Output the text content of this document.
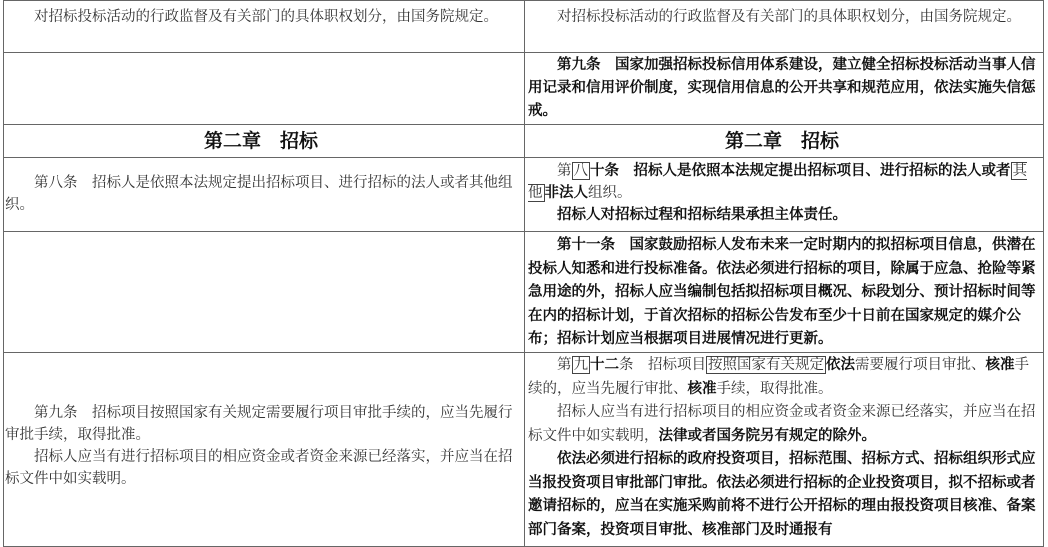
对招标投标活动的行政监督及有关部门的具体职权划分，由国务院规定。	对招标投标活动的行政监督及有关部门的具体职权划分，由国务院规定。

第九条　国家加强招标投标信用体系建设，建立健全招标投标活动当事人信用记录和信用评价制度，实现信用信息的公开共享和规范应用，依法实施失信惩戒。

第二章　招标	第二章　招标

第八条　招标人是依照本法规定提出招标项目、进行招标的法人或者其他组织。

第 八 十条　招标人是依照本法规定提出招标项目、进行招标的法人或者 其他 非法人组织。

招标人对招标过程和招标结果承担主体责任。

第十一条　国家鼓励招标人发布未来一定时期内的拟招标项目信息，供潜在投标人知悉和进行投标准备。依法必须进行招标的项目，除属于应急、抢险等紧急用途的外，招标人应当编制包括拟招标项目概况、标段划分、预计招标时间等在内的招标计划，于首次招标的招标公告发布至少十日前在国家规定的媒介公布；招标计划应当根据项目进展情况进行更新。

第九条　招标项目按照国家有关规定需要履行项目审批手续的，应当先履行审批手续，取得批准。

招标人应当有进行招标项目的相应资金或者资金来源已经落实，并应当在招标文件中如实载明。

第 九 十二条　招标项目 按照国家有关规定 依法需要履行项目审批、核准手续的，应当先履行审批、核准手续，取得批准。

招标人应当有进行招标项目的相应资金或者资金来源已经落实，并应当在招标文件中如实载明，法律或者国务院另有规定的除外。

依法必须进行招标的政府投资项目，招标范围、招标方式、招标组织形式应当报投资项目审批部门审批。依法必须进行招标的企业投资项目，拟不招标或者邀请招标的，应当在实施采购前将不进行公开招标的理由报投资项目核准、备案部门备案，投资项目审批、核准部门及时通报有
